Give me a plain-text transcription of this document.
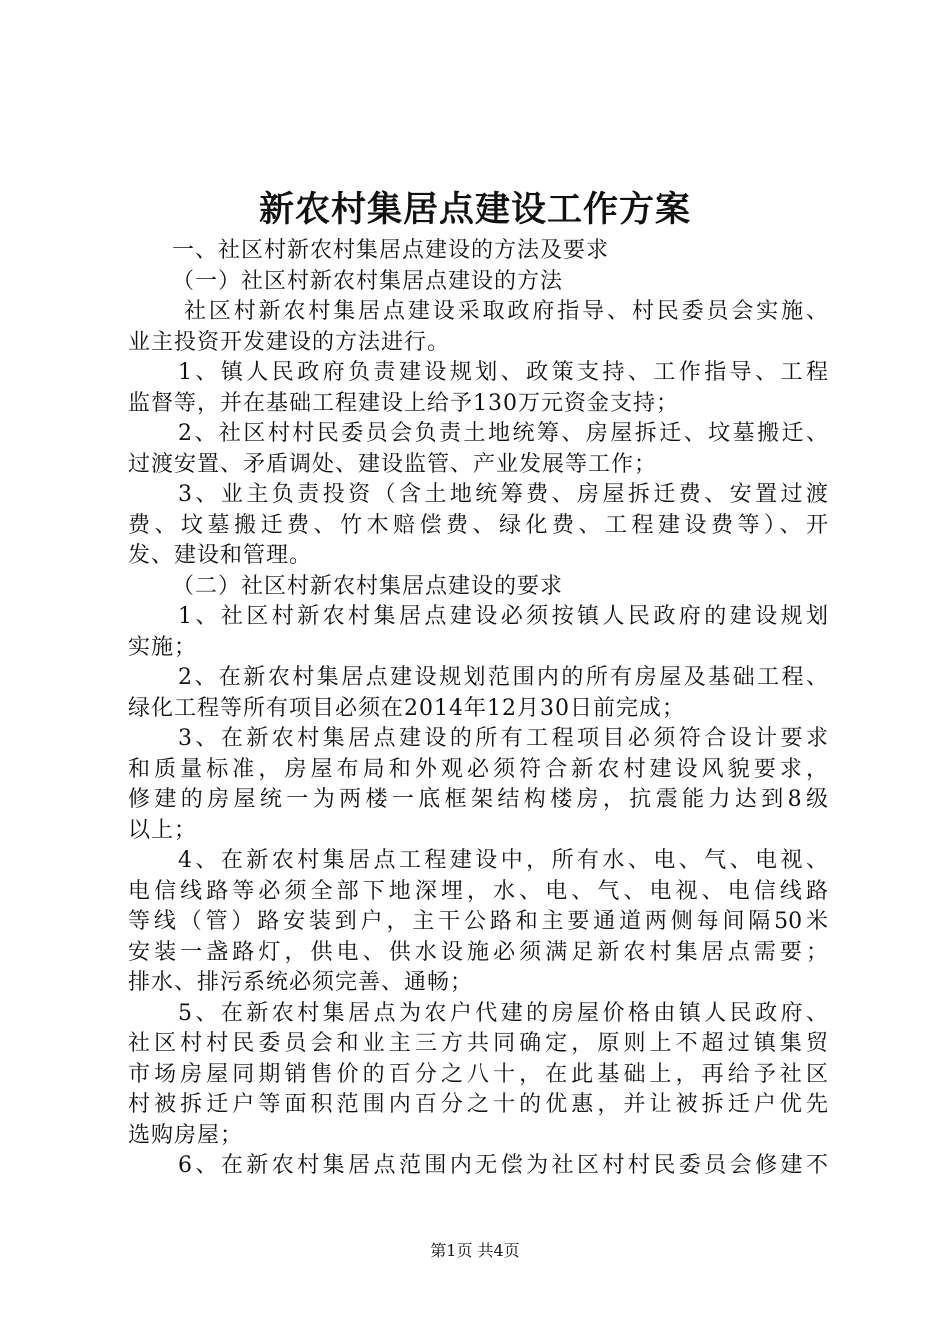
新农村集居点建设工作方案
一、社区村新农村集居点建设的方法及要求
（一）社区村新农村集居点建设的方法
社区村新农村集居点建设采取政府指导、村民委员会实施、
业主投资开发建设的方法进行。
1、镇人民政府负责建设规划、政策支持、工作指导、工程
监督等，并在基础工程建设上给予130万元资金支持；
2、社区村村民委员会负责土地统筹、房屋拆迁、坟墓搬迁、
过渡安置、矛盾调处、建设监管、产业发展等工作；
3、业主负责投资（含土地统筹费、房屋拆迁费、安置过渡
费、坟墓搬迁费、竹木赔偿费、绿化费、工程建设费等）、开
发、建设和管理。
（二）社区村新农村集居点建设的要求
1、社区村新农村集居点建设必须按镇人民政府的建设规划
实施；
2、在新农村集居点建设规划范围内的所有房屋及基础工程、
绿化工程等所有项目必须在2014年12月30日前完成；
3、在新农村集居点建设的所有工程项目必须符合设计要求
和质量标准，房屋布局和外观必须符合新农村建设风貌要求，
修建的房屋统一为两楼一底框架结构楼房，抗震能力达到8级
以上；
4、在新农村集居点工程建设中，所有水、电、气、电视、
电信线路等必须全部下地深埋，水、电、气、电视、电信线路
等线（管）路安装到户，主干公路和主要通道两侧每间隔50米
安装一盏路灯，供电、供水设施必须满足新农村集居点需要；
排水、排污系统必须完善、通畅；
5、在新农村集居点为农户代建的房屋价格由镇人民政府、
社区村村民委员会和业主三方共同确定，原则上不超过镇集贸
市场房屋同期销售价的百分之八十，在此基础上，再给予社区
村被拆迁户等面积范围内百分之十的优惠，并让被拆迁户优先
选购房屋；
6、在新农村集居点范围内无偿为社区村村民委员会修建不
第1页 共4页
